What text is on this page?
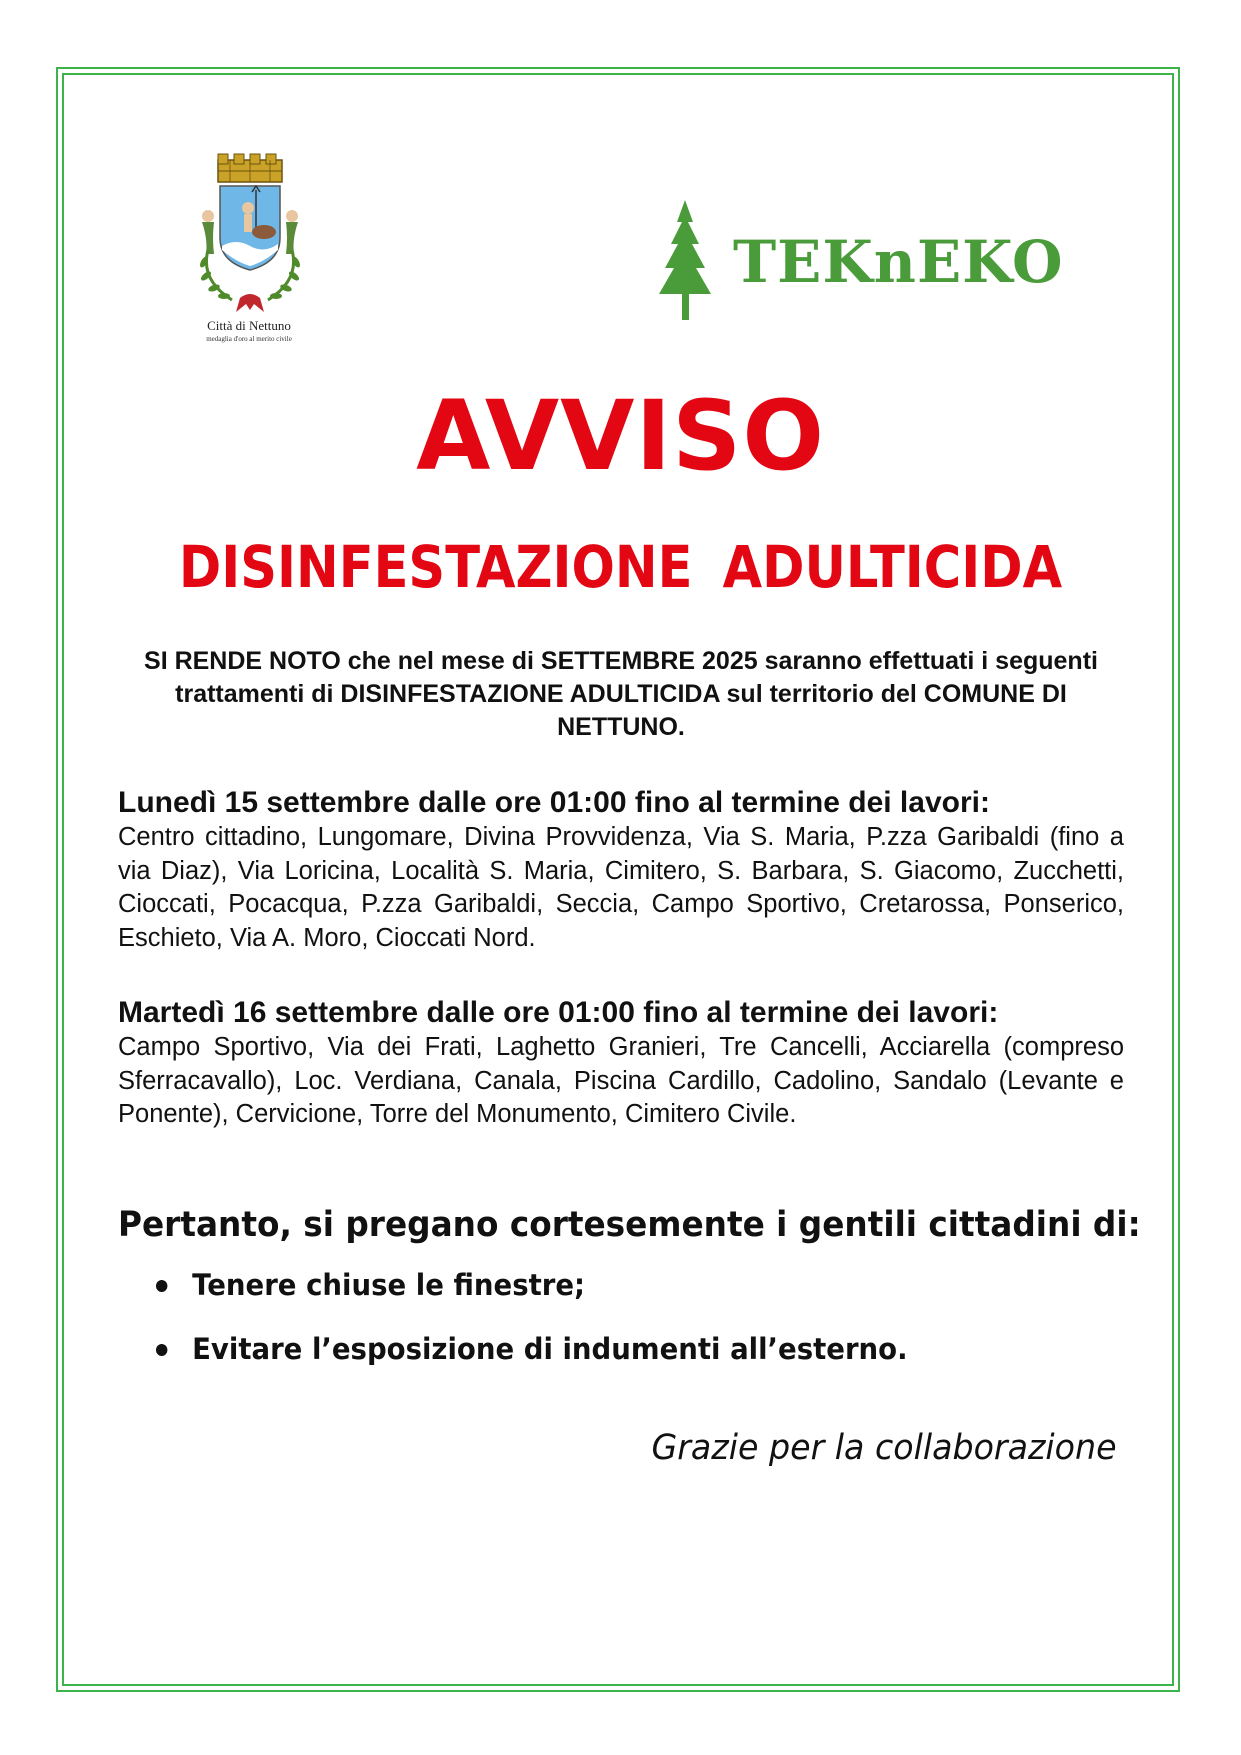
Città di Nettuno
medaglia d'oro al merito civile
TEKnEKO
AVVISO
DISINFESTAZIONE ADULTICIDA
SI RENDE NOTO che nel mese di SETTEMBRE 2025 saranno effettuati i seguenti trattamenti di DISINFESTAZIONE ADULTICIDA sul territorio del COMUNE DI NETTUNO.
Lunedì 15 settembre dalle ore 01:00 fino al termine dei lavori:
Centro cittadino, Lungomare, Divina Provvidenza, Via S. Maria, P.zza Garibaldi (fino a via Diaz), Via Loricina, Località S. Maria, Cimitero, S. Barbara, S. Giacomo, Zucchetti, Cioccati, Pocacqua, P.zza Garibaldi, Seccia, Campo Sportivo, Cretarossa, Ponserico, Eschieto, Via A. Moro, Cioccati Nord.
Martedì 16 settembre dalle ore 01:00 fino al termine dei lavori:
Campo Sportivo, Via dei Frati, Laghetto Granieri, Tre Cancelli, Acciarella (compreso Sferracavallo), Loc. Verdiana, Canala, Piscina Cardillo, Cadolino, Sandalo (Levante e Ponente), Cervicione, Torre del Monumento, Cimitero Civile.
Pertanto, si pregano cortesemente i gentili cittadini di:
Tenere chiuse le finestre;
Evitare l’esposizione di indumenti all’esterno.
Grazie per la collaborazione
